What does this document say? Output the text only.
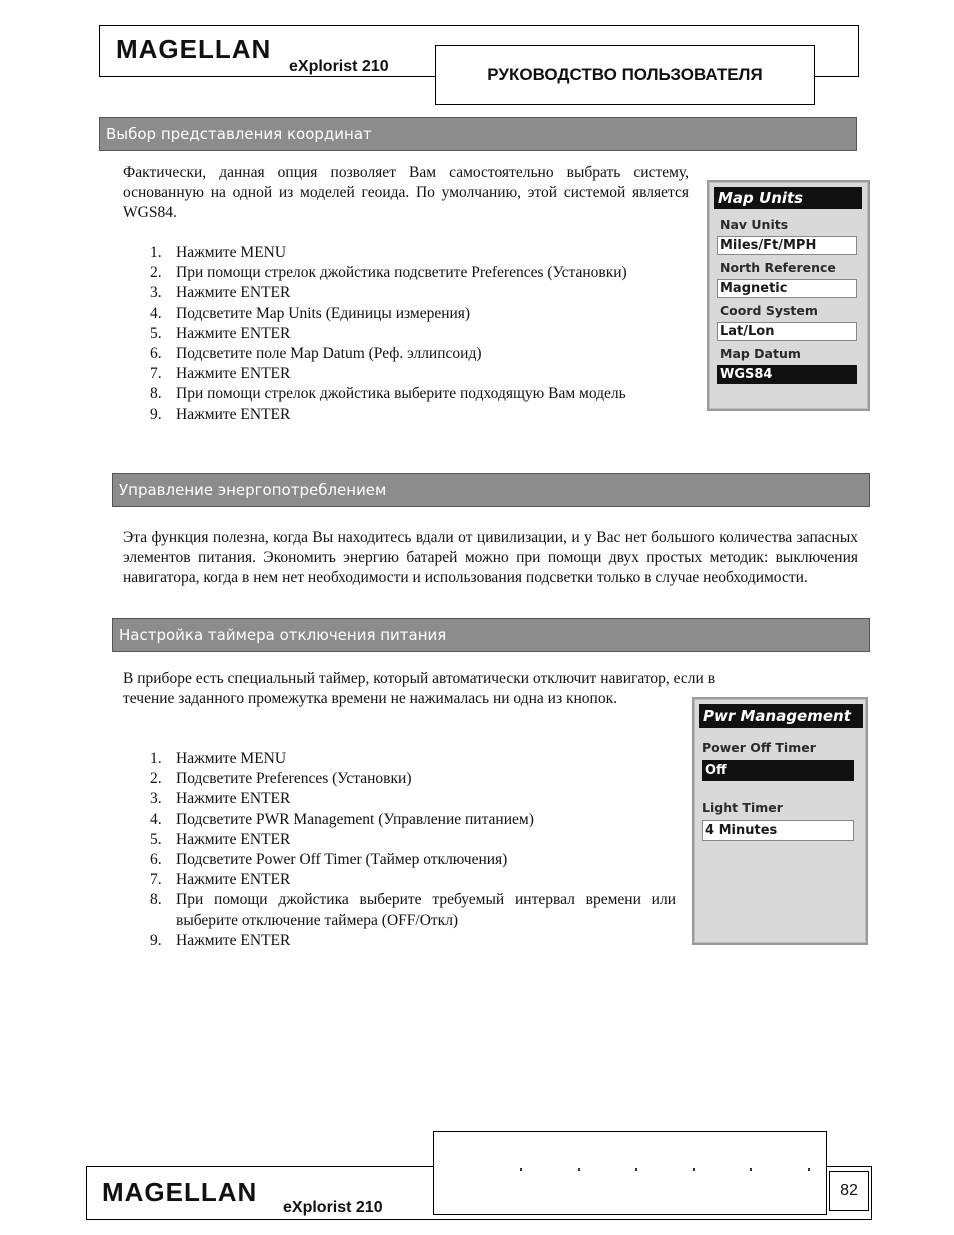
MAGELLAN
eXplorist 210	РУКОВОДСТВО ПОЛЬЗОВАТЕЛЯ
Выбор представления координат
Фактически, данная опция позволяет Вам самостоятельно выбрать систему, основанную на одной из моделей геоида. По умолчанию, этой системой является WGS84.
1. Нажмите MENU
2. При помощи стрелок джойстика подсветите Preferences (Установки)
3. Нажмите ENTER
4. Подсветите Map Units (Единицы измерения)
5. Нажмите ENTER
6. Подсветите поле Map Datum (Реф. эллипсоид)
7. Нажмите ENTER
8. При помощи стрелок джойстика выберите подходящую Вам модель
9. Нажмите ENTER
Map Units
Nav Units
Miles/Ft/MPH
North Reference
Magnetic
Coord System
Lat/Lon
Map Datum
WGS84
Управление энергопотреблением
Эта функция полезна, когда Вы находитесь вдали от цивилизации, и у Вас нет большого количества запасных элементов питания. Экономить энергию батарей можно при помощи двух простых методик: выключения навигатора, когда в нем нет необходимости и использования подсветки только в случае необходимости.
Настройка таймера отключения питания
В приборе есть специальный таймер, который автоматически отключит навигатор, если в
течение заданного промежутка времени не нажималась ни одна из кнопок.
1. Нажмите MENU
2. Подсветите Preferences (Установки)
3. Нажмите ENTER
4. Подсветите PWR Management (Управление питанием)
5. Нажмите ENTER
6. Подсветите Power Off Timer (Таймер отключения)
7. Нажмите ENTER
8. При помощи джойстика выберите требуемый интервал времени или выберите отключение таймера (OFF/Откл)
9. Нажмите ENTER
Pwr Management
Power Off Timer
Off
Light Timer
4 Minutes
MAGELLAN
eXplorist 210
82
